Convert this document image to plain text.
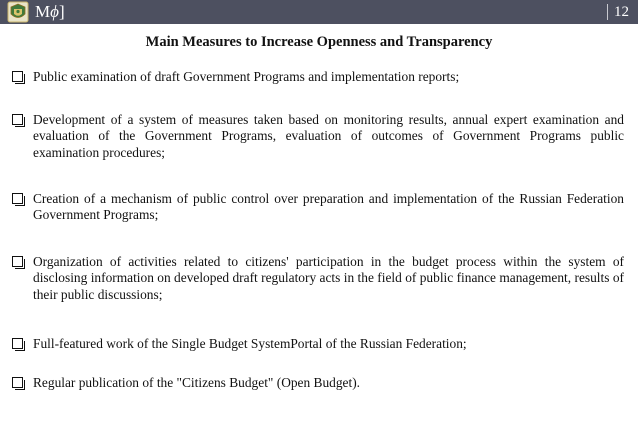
Mϕ]	12
Main Measures to Increase Openness and Transparency
Public examination of draft Government Programs and implementation reports;
Development of a system of measures taken based on monitoring results, annual expert examination and evaluation of the Government Programs, evaluation of outcomes of Government Programs public examination procedures;
Creation of a mechanism of public control over preparation and implementation of the Russian Federation Government Programs;
Organization of activities related to citizens' participation in the budget process within the system of disclosing information on developed draft regulatory acts in the field of public finance management, results of their public discussions;
Full-featured work of the Single Budget SystemPortal of the Russian Federation;
Regular publication of the "Citizens Budget" (Open Budget).
